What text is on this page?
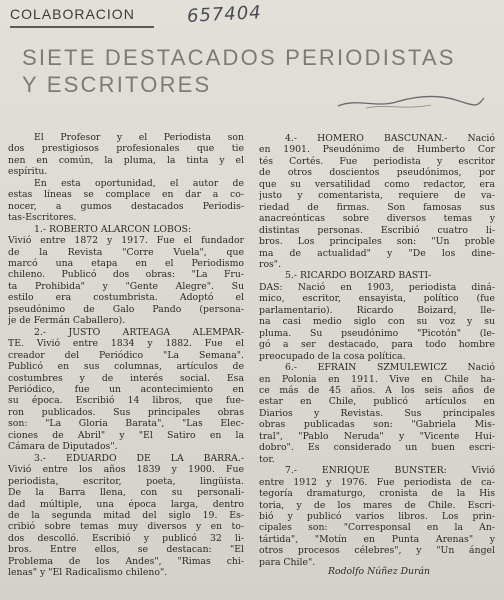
COLABORACION	657404
SIETE DESTACADOS PERIODISTAS
Y ESCRITORES
El Profesor y el Periodista son
dos prestigiosos profesionales que tie
nen en común, la pluma, la tinta y el
espíritu.
En esta oportunidad, el autor de
estas líneas se complace en dar a co-
nocer, a gumos destacados Periodis-
tas-Escritores.
1.- ROBERTO ALARCON LOBOS:
Vivió entre 1872 y 1917. Fue el fundador
de la Revista "Corre Vuela", que
marcó una etapa en el Periodismo
chileno. Publicó dos obras: "La Fru-
ta Prohibida" y "Gente Alegre". Su
estilo era costumbrista. Adoptó el
pseudónimo de Galo Pando (persona-
je de Fermán Caballero).
2.- JUSTO ARTEAGA ALEMPAR-
TE. Vivió entre 1834 y 1882. Fue el
creador del Periódico "La Semana".
Publicó en sus columnas, artículos de
costumbres y de interés social. Esa
Periódico, fue un acontecimiento en
su época. Escribió 14 libros, que fue-
ron publicados. Sus principales obras
son: "La Gloria Barata", "Las Elec-
ciones de Abril" y "El Satiro en la
Cámara de Diputados".
3.- EDUARDO DE LA BARRA.-
Vivió entre los años 1839 y 1900. Fue
periodista, escritor, poeta, lingüista.
De la Barra llena, con su personali-
dad múltiple, una época larga, dentro
de la segunda mitad del siglo 19. Es-
cribió sobre temas muy diversos y en to-
dos descolló. Escribió y publicó 32 li-
bros. Entre ellos, se destacan: "El
Problema de los Andes", "Rimas chi-
lenas" y "El Radicalismo chileno".
4.- HOMERO BASCUÑAN.- Nació
en 1901. Pseudónimo de Humberto Cor
tés Cortés. Fue periodista y escritor
de otros doscientos pseudónimos, por
que su versatilidad como redactor, era
justo y comentarista, requiere de va-
riedad de firmas. Son famosas sus
anacreónticas sobre diversos temas y
distintas personas. Escribió cuatro li-
bros. Los principales son: "Un proble
ma de actualidad" y "De los dine-
ros".
5.- RICARDO BOIZARD BASTI-
DAS: Nació en 1903, periodista diná-
mico, escritor, ensayista, político (fue
parlamentario). Ricardo Boizard, lle-
na casi medio siglo con su voz y su
pluma. Su pseudónimo "Picotón" (le-
gó a ser destacado, para todo hombre
preocupado de la cosa política.
6.- EFRAIN SZMULEWICZ Nació
en Polonia en 1911. Vive en Chile ha-
ce más de 45 años. A los seis años de
estar en Chile, publicó artículos en
Diarios y Revistas. Sus principales
obras publicadas son: "Gabriela Mis-
tral", "Pablo Neruda" y "Vicente Hui-
dobro". Es considerado un buen escri-
tor.
7.- ENRIQUE BUNSTER: Vivió
entre 1912 y 1976. Fue periodista de ca-
tegoría dramaturgo, cronista de la His
toria, y de los mares de Chile. Escri-
bió y publicó varios libros. Los prin-
cipales son: "Corresponsal en la An-
tártida", "Motín en Punta Arenas" y
otros procesos célebres", y "Un ángel
para Chile".
Rodolfo Núñez Durán
